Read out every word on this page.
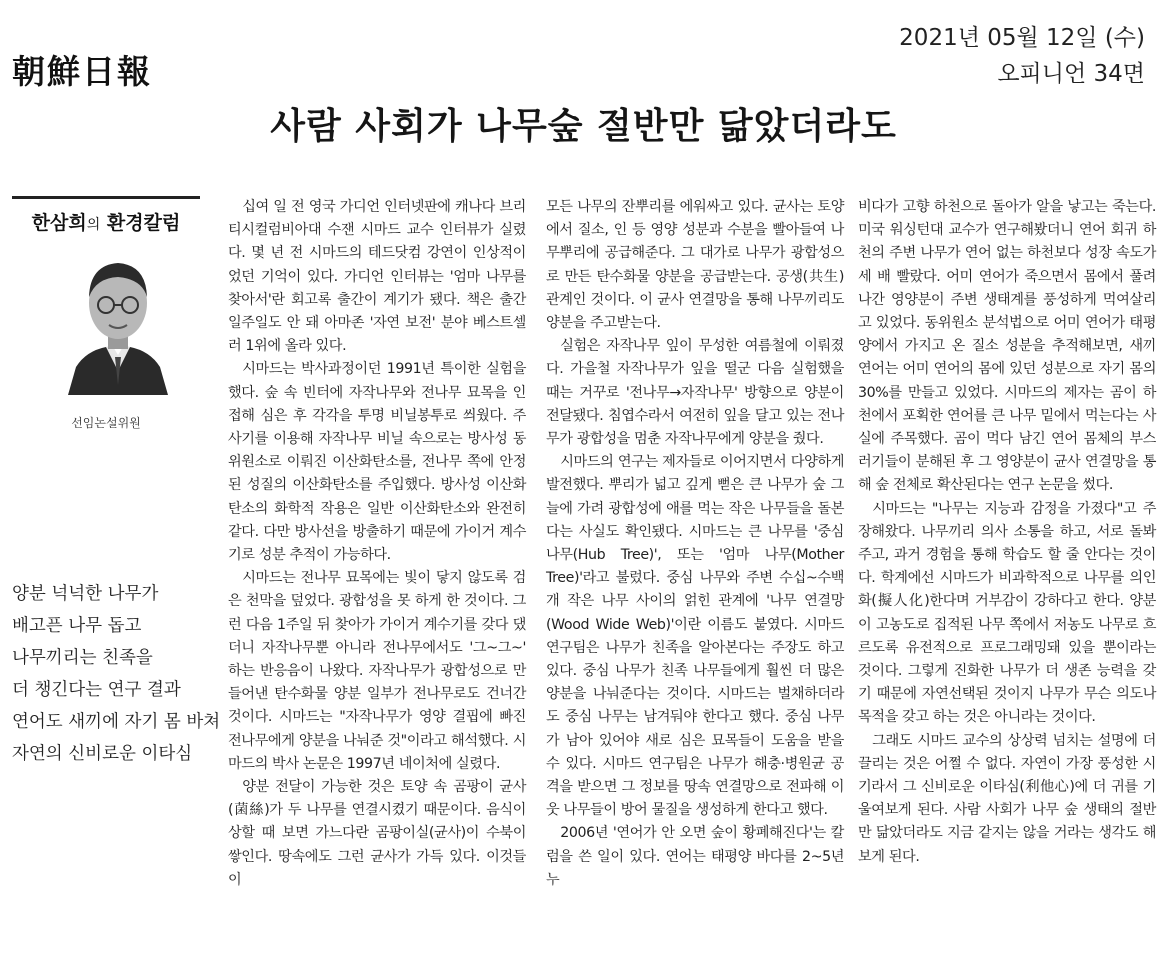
朝鮮日報
2021년 05월 12일 (수)
오피니언 34면
사람 사회가 나무숲 절반만 닮았더라도
한삼희의 환경칼럼
선임논설위원
양분 넉넉한 나무가
배고픈 나무 돕고
나무끼리는 친족을
더 챙긴다는 연구 결과
연어도 새끼에 자기 몸 바쳐
자연의 신비로운 이타심

십여 일 전 영국 가디언 인터넷판에 캐나다 브리티시컬럼비아대 수잰 시마드 교수 인터뷰가 실렸다. 몇 년 전 시마드의 테드닷컴 강연이 인상적이었던 기억이 있다. 가디언 인터뷰는 '엄마 나무를 찾아서'란 회고록 출간이 계기가 됐다. 책은 출간 일주일도 안 돼 아마존 '자연 보전' 분야 베스트셀러 1위에 올라 있다.

시마드는 박사과정이던 1991년 특이한 실험을 했다. 숲 속 빈터에 자작나무와 전나무 묘목을 인접해 심은 후 각각을 투명 비닐봉투로 씌웠다. 주사기를 이용해 자작나무 비닐 속으로는 방사성 동위원소로 이뤄진 이산화탄소를, 전나무 쪽에 안정된 성질의 이산화탄소를 주입했다. 방사성 이산화탄소의 화학적 작용은 일반 이산화탄소와 완전히 같다. 다만 방사선을 방출하기 때문에 가이거 계수기로 성분 추적이 가능하다.

시마드는 전나무 묘목에는 빛이 닿지 않도록 검은 천막을 덮었다. 광합성을 못 하게 한 것이다. 그런 다음 1주일 뒤 찾아가 가이거 계수기를 갖다 댔더니 자작나무뿐 아니라 전나무에서도 '그~그~' 하는 반응음이 나왔다. 자작나무가 광합성으로 만들어낸 탄수화물 양분 일부가 전나무로도 건너간 것이다. 시마드는 "자작나무가 영양 결핍에 빠진 전나무에게 양분을 나눠준 것"이라고 해석했다. 시마드의 박사 논문은 1997년 네이처에 실렸다.

양분 전달이 가능한 것은 토양 속 곰팡이 균사(菌絲)가 두 나무를 연결시켰기 때문이다. 음식이 상할 때 보면 가느다란 곰팡이실(균사)이 수북이 쌓인다. 땅속에도 그런 균사가 가득 있다. 이것들이

모든 나무의 잔뿌리를 에워싸고 있다. 균사는 토양에서 질소, 인 등 영양 성분과 수분을 빨아들여 나무뿌리에 공급해준다. 그 대가로 나무가 광합성으로 만든 탄수화물 양분을 공급받는다. 공생(共生) 관계인 것이다. 이 균사 연결망을 통해 나무끼리도 양분을 주고받는다.

실험은 자작나무 잎이 무성한 여름철에 이뤄졌다. 가을철 자작나무가 잎을 떨군 다음 실험했을 때는 거꾸로 '전나무→자작나무' 방향으로 양분이 전달됐다. 침엽수라서 여전히 잎을 달고 있는 전나무가 광합성을 멈춘 자작나무에게 양분을 줬다.

시마드의 연구는 제자들로 이어지면서 다양하게 발전했다. 뿌리가 넓고 깊게 뻗은 큰 나무가 숲 그늘에 가려 광합성에 애를 먹는 작은 나무들을 돌본다는 사실도 확인됐다. 시마드는 큰 나무를 '중심 나무(Hub Tree)', 또는 '엄마 나무(Mother Tree)'라고 불렀다. 중심 나무와 주변 수십~수백 개 작은 나무 사이의 얽힌 관계에 '나무 연결망(Wood Wide Web)'이란 이름도 붙였다. 시마드 연구팀은 나무가 친족을 알아본다는 주장도 하고 있다. 중심 나무가 친족 나무들에게 훨씬 더 많은 양분을 나눠준다는 것이다. 시마드는 벌채하더라도 중심 나무는 남겨둬야 한다고 했다. 중심 나무가 남아 있어야 새로 심은 묘목들이 도움을 받을 수 있다. 시마드 연구팀은 나무가 해충·병원균 공격을 받으면 그 정보를 땅속 연결망으로 전파해 이웃 나무들이 방어 물질을 생성하게 한다고 했다.

2006년 '연어가 안 오면 숲이 황폐해진다'는 칼럼을 쓴 일이 있다. 연어는 태평양 바다를 2~5년 누

비다가 고향 하천으로 돌아가 알을 낳고는 죽는다. 미국 워싱턴대 교수가 연구해봤더니 연어 회귀 하천의 주변 나무가 연어 없는 하천보다 성장 속도가 세 배 빨랐다. 어미 연어가 죽으면서 몸에서 풀려나간 영양분이 주변 생태계를 풍성하게 먹여살리고 있었다. 동위원소 분석법으로 어미 연어가 태평양에서 가지고 온 질소 성분을 추적해보면, 새끼 연어는 어미 연어의 몸에 있던 성분으로 자기 몸의 30%를 만들고 있었다. 시마드의 제자는 곰이 하천에서 포획한 연어를 큰 나무 밑에서 먹는다는 사실에 주목했다. 곰이 먹다 남긴 연어 몸체의 부스러기들이 분해된 후 그 영양분이 균사 연결망을 통해 숲 전체로 확산된다는 연구 논문을 썼다.

시마드는 "나무는 지능과 감정을 가졌다"고 주장해왔다. 나무끼리 의사 소통을 하고, 서로 돌봐주고, 과거 경험을 통해 학습도 할 줄 안다는 것이다. 학계에선 시마드가 비과학적으로 나무를 의인화(擬人化)한다며 거부감이 강하다고 한다. 양분이 고농도로 집적된 나무 쪽에서 저농도 나무로 흐르도록 유전적으로 프로그래밍돼 있을 뿐이라는 것이다. 그렇게 진화한 나무가 더 생존 능력을 갖기 때문에 자연선택된 것이지 나무가 무슨 의도나 목적을 갖고 하는 것은 아니라는 것이다.

그래도 시마드 교수의 상상력 넘치는 설명에 더 끌리는 것은 어쩔 수 없다. 자연이 가장 풍성한 시기라서 그 신비로운 이타심(利他心)에 더 귀를 기울여보게 된다. 사람 사회가 나무 숲 생태의 절반만 닮았더라도 지금 같지는 않을 거라는 생각도 해보게 된다.
